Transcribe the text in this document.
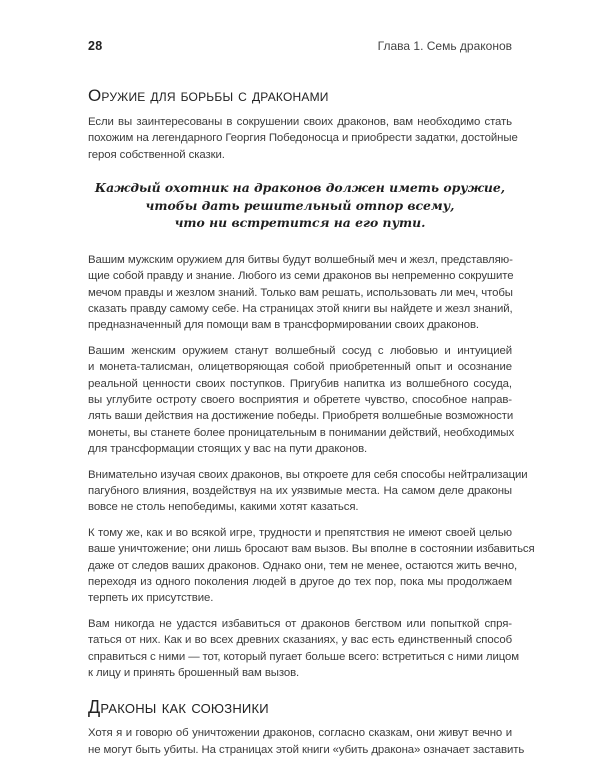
28	Глава 1. Семь драконов
Оружие для борьбы с драконами

Если вы заинтересованы в сокрушении своих драконов, вам необходимо стать
похожим на легендарного Георгия Победоносца и приобрести задатки, достойные
героя собственной сказки.

Каждый охотник на драконов должен иметь оружие,
чтобы дать решительный отпор всему,
что ни встретится на его пути.

Вашим мужским оружием для битвы будут волшебный меч и жезл, представляю-
щие собой правду и знание. Любого из семи драконов вы непременно сокрушите
мечом правды и жезлом знаний. Только вам решать, использовать ли меч, чтобы
сказать правду самому себе. На страницах этой книги вы найдете и жезл знаний,
предназначенный для помощи вам в трансформировании своих драконов.

Вашим женским оружием станут волшебный сосуд с любовью и интуицией
и монета-талисман, олицетворяющая собой приобретенный опыт и осознание
реальной ценности своих поступков. Пригубив напитка из волшебного сосуда,
вы углубите остроту своего восприятия и обретете чувство, способное направ-
лять ваши действия на достижение победы. Приобретя волшебные возможности
монеты, вы станете более проницательным в понимании действий, необходимых
для трансформации стоящих у вас на пути драконов.

Внимательно изучая своих драконов, вы откроете для себя способы нейтрализации
пагубного влияния, воздействуя на их уязвимые места. На самом деле драконы
вовсе не столь непобедимы, какими хотят казаться.

К тому же, как и во всякой игре, трудности и препятствия не имеют своей целью
ваше уничтожение; они лишь бросают вам вызов. Вы вполне в состоянии избавиться
даже от следов ваших драконов. Однако они, тем не менее, остаются жить вечно,
переходя из одного поколения людей в другое до тех пор, пока мы продолжаем
терпеть их присутствие.

Вам никогда не удастся избавиться от драконов бегством или попыткой спря-
таться от них. Как и во всех древних сказаниях, у вас есть единственный способ
справиться с ними — тот, который пугает больше всего: встретиться с ними лицом
к лицу и принять брошенный вам вызов.

Драконы как союзники

Хотя я и говорю об уничтожении драконов, согласно сказкам, они живут вечно и
не могут быть убиты. На страницах этой книги «убить дракона» означает заставить
